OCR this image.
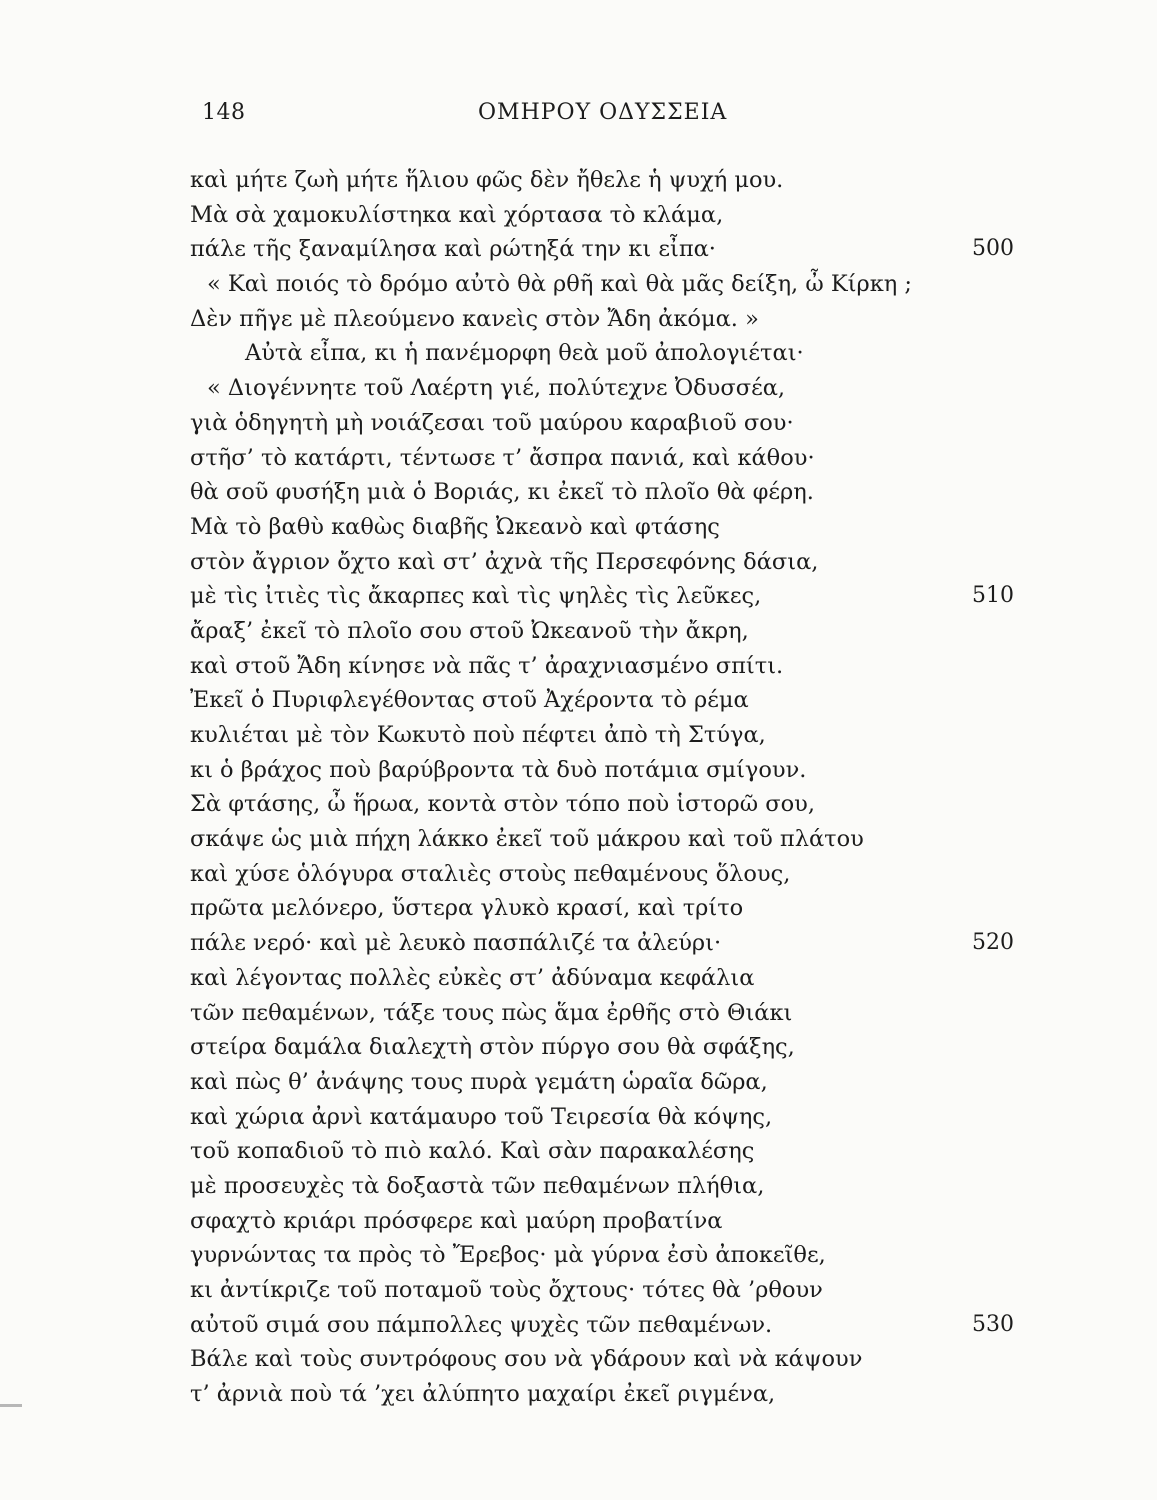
148	ΟΜΗΡΟΥ ΟΔΥΣΣΕΙΑ
καὶ μήτε ζωὴ μήτε ἥλιου φῶς δὲν ἤθελε ἡ ψυχή μου.
Μὰ σὰ χαμοκυλίστηκα καὶ χόρτασα τὸ κλάμα,
πάλε τῆς ξαναμίλησα καὶ ρώτηξά την κι εἶπα·	500
« Καὶ ποιός τὸ δρόμο αὐτὸ θὰ ρθῆ καὶ θὰ μᾶς δείξη, ὦ Κίρκη ;
Δὲν πῆγε μὲ πλεούμενο κανεὶς στὸν Ἄδη ἀκόμα. »
Αὐτὰ εἶπα, κι ἡ πανέμορφη θεὰ μοῦ ἀπολογιέται·
« Διογέννητε τοῦ Λαέρτη γιέ, πολύτεχνε Ὀδυσσέα,
γιὰ ὁδηγητὴ μὴ νοιάζεσαι τοῦ μαύρου καραβιοῦ σου·
στῆσ’ τὸ κατάρτι, τέντωσε τ’ ἄσπρα πανιά, καὶ κάθου·
θὰ σοῦ φυσήξη μιὰ ὁ Βοριάς, κι ἐκεῖ τὸ πλοῖο θὰ φέρη.
Μὰ τὸ βαθὺ καθὼς διαβῆς Ὠκεανὸ καὶ φτάσης
στὸν ἄγριον ὄχτο καὶ στ’ ἀχνὰ τῆς Περσεφόνης δάσια,
μὲ τὶς ἰτιὲς τὶς ἄκαρπες καὶ τὶς ψηλὲς τὶς λεῦκες,	510
ἄραξ’ ἐκεῖ τὸ πλοῖο σου στοῦ Ὠκεανοῦ τὴν ἄκρη,
καὶ στοῦ Ἄδη κίνησε νὰ πᾶς τ’ ἀραχνιασμένο σπίτι.
Ἐκεῖ ὁ Πυριφλεγέθοντας στοῦ Ἀχέροντα τὸ ρέμα
κυλιέται μὲ τὸν Κωκυτὸ ποὺ πέφτει ἀπὸ τὴ Στύγα,
κι ὁ βράχος ποὺ βαρύβροντα τὰ δυὸ ποτάμια σμίγουν.
Σὰ φτάσης, ὦ ἥρωα, κοντὰ στὸν τόπο ποὺ ἱστορῶ σου,
σκάψε ὡς μιὰ πήχη λάκκο ἐκεῖ τοῦ μάκρου καὶ τοῦ πλάτου
καὶ χύσε ὁλόγυρα σταλιὲς στοὺς πεθαμένους ὅλους,
πρῶτα μελόνερο, ὕστερα γλυκὸ κρασί, καὶ τρίτο
πάλε νερό· καὶ μὲ λευκὸ πασπάλιζέ τα ἀλεύρι·	520
καὶ λέγοντας πολλὲς εὐκὲς στ’ ἀδύναμα κεφάλια
τῶν πεθαμένων, τάξε τους πὼς ἅμα ἐρθῆς στὸ Θιάκι
στείρα δαμάλα διαλεχτὴ στὸν πύργο σου θὰ σφάξης,
καὶ πὼς θ’ ἀνάψης τους πυρὰ γεμάτη ὡραῖα δῶρα,
καὶ χώρια ἀρνὶ κατάμαυρο τοῦ Τειρεσία θὰ κόψης,
τοῦ κοπαδιοῦ τὸ πιὸ καλό. Καὶ σὰν παρακαλέσης
μὲ προσευχὲς τὰ δοξαστὰ τῶν πεθαμένων πλήθια,
σφαχτὸ κριάρι πρόσφερε καὶ μαύρη προβατίνα
γυρνώντας τα πρὸς τὸ Ἔρεβος· μὰ γύρνα ἐσὺ ἀποκεῖθε,
κι ἀντίκριζε τοῦ ποταμοῦ τοὺς ὄχτους· τότες θὰ ’ρθουν
αὐτοῦ σιμά σου πάμπολλες ψυχὲς τῶν πεθαμένων.	530
Βάλε καὶ τοὺς συντρόφους σου νὰ γδάρουν καὶ νὰ κάψουν
τ’ ἀρνιὰ ποὺ τά ’χει ἀλύπητο μαχαίρι ἐκεῖ ριγμένα,
